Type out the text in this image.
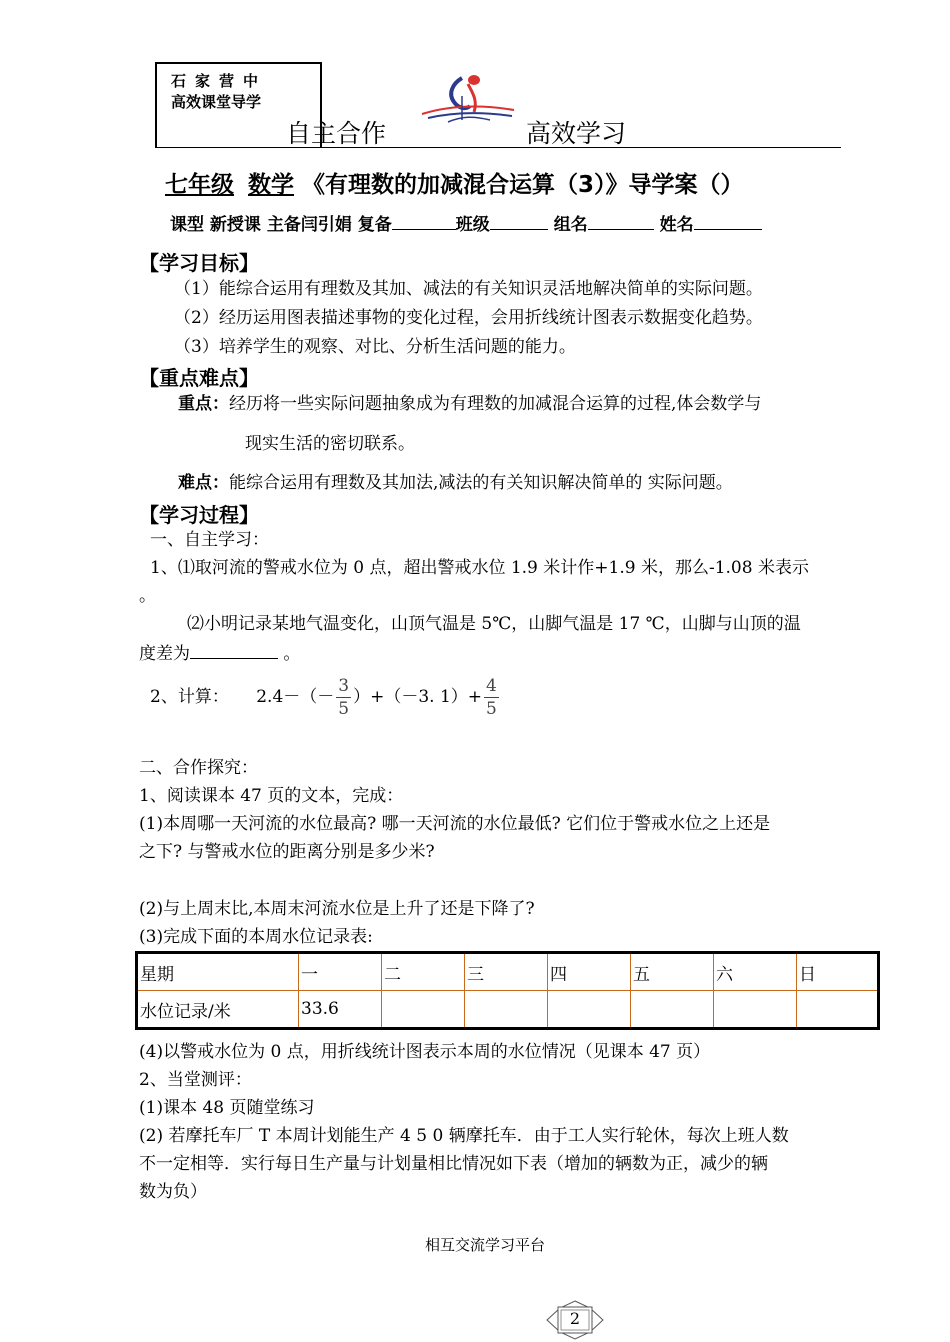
石家营中
高效课堂导学
自主合作	高效学习
七年级 数学 《有理数的加减混合运算（3）》导学案（）
课型 新授课 主备闫引娟 复备	班级	组名	姓名
【学习目标】
（1）能综合运用有理数及其加、减法的有关知识灵活地解决简单的实际问题。
（2）经历运用图表描述事物的变化过程，会用折线统计图表示数据变化趋势。
（3）培养学生的观察、对比、分析生活问题的能力。
【重点难点】
重点：经历将一些实际问题抽象成为有理数的加减混合运算的过程,体会数学与
现实生活的密切联系。
难点：能综合运用有理数及其加法,减法的有关知识解决简单的 实际问题。
【学习过程】
一、自主学习：
1、⑴取河流的警戒水位为 0 点，超出警戒水位 1.9 米计作+1.9 米，那么-1.08 米表示
。
⑵小明记录某地气温变化，山顶气温是 5℃，山脚气温是 17 ℃，山脚与山顶的温
度差为	。
2、计算： $2.4-(- \frac{3}{5} )+(-3$. $1)+ \frac{4}{5}$
二、合作探究：
1、阅读课本 47 页的文本，完成：
(1)本周哪一天河流的水位最高? 哪一天河流的水位最低? 它们位于警戒水位之上还是
之下? 与警戒水位的距离分别是多少米?
(2)与上周末比,本周末河流水位是上升了还是下降了?
(3)完成下面的本周水位记录表:
星期	一	二	三	四	五	六	日
水位记录/米	33.6						
(4)以警戒水位为 0 点，用折线统计图表示本周的水位情况（见课本 47 页）
2、当堂测评：
(1)课本 48 页随堂练习
(2) 若摩托车厂 T 本周计划能生产 4 5 0 辆摩托车．由于工人实行轮休，每次上班人数
不一定相等．实行每日生产量与计划量相比情况如下表（增加的辆数为正，减少的辆
数为负）
相互交流学习平台
2
